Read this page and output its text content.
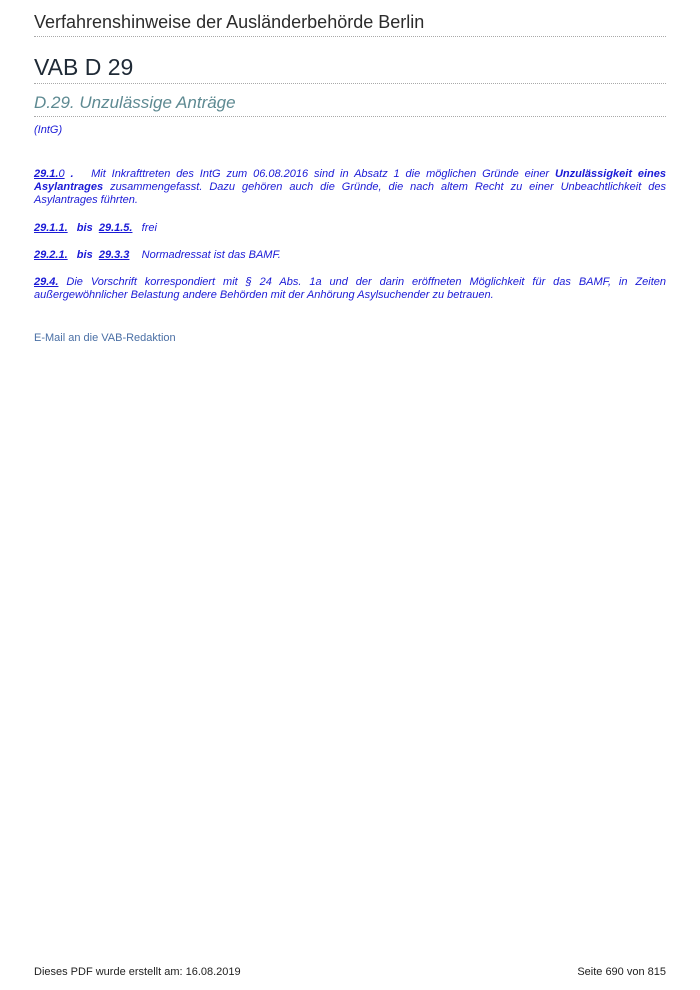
Verfahrenshinweise der Ausländerbehörde Berlin
VAB D 29
D.29. Unzulässige Anträge
(IntG)

29.1.0 .   Mit Inkrafttreten des IntG zum 06.08.2016 sind in Absatz 1 die möglichen Gründe einer Unzulässigkeit eines Asylantrages zusammengefasst. Dazu gehören auch die Gründe, die nach altem Recht zu einer Unbeachtlichkeit des Asylantrages führten.

29.1.1.   bis  29.1.5.   frei

29.2.1.   bis  29.3.3    Normadressat ist das BAMF.

29.4. Die Vorschrift korrespondiert mit § 24 Abs. 1a und der darin eröffneten Möglichkeit für das BAMF, in Zeiten außergewöhnlicher Belastung andere Behörden mit der Anhörung Asylsuchender zu betrauen.

E-Mail an die VAB-Redaktion
Dieses PDF wurde erstellt am: 16.08.2019	Seite 690 von 815
